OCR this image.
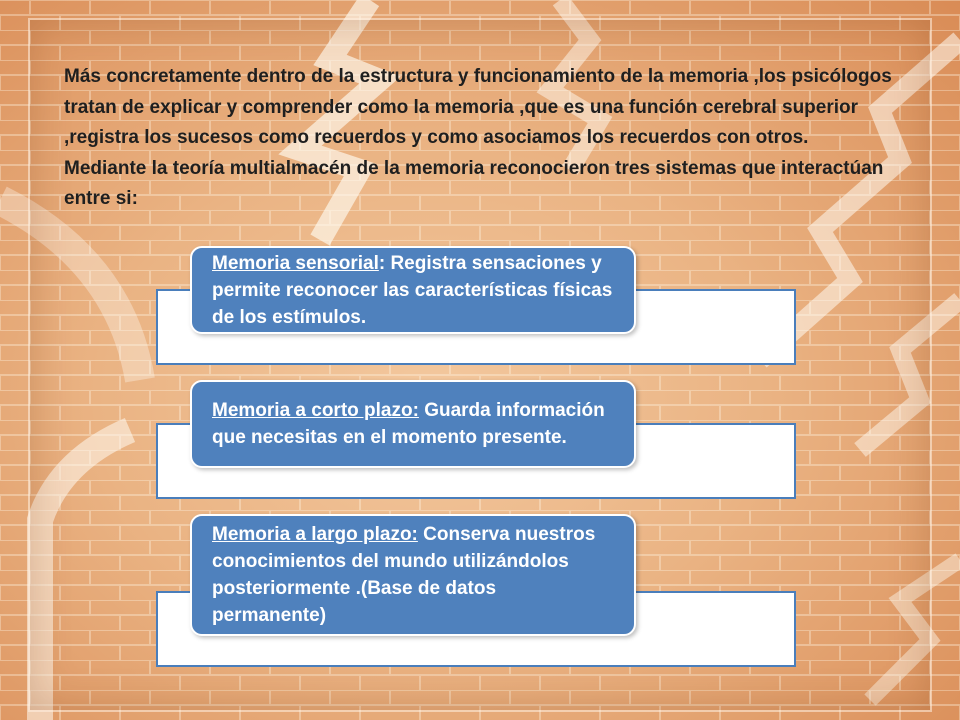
Más concretamente dentro de la estructura y funcionamiento de la memoria ,los psicólogos tratan de explicar y comprender como la memoria ,que es una función cerebral superior ,registra los sucesos como recuerdos y como asociamos los recuerdos con otros. Mediante la teoría multialmacén de la memoria reconocieron tres sistemas que interactúan entre si:

Memoria sensorial: Registra sensaciones y permite reconocer las características físicas de los estímulos.

Memoria a corto plazo: Guarda información que necesitas en el momento presente.

Memoria a largo plazo: Conserva nuestros conocimientos del mundo utilizándolos posteriormente .(Base de datos permanente)
